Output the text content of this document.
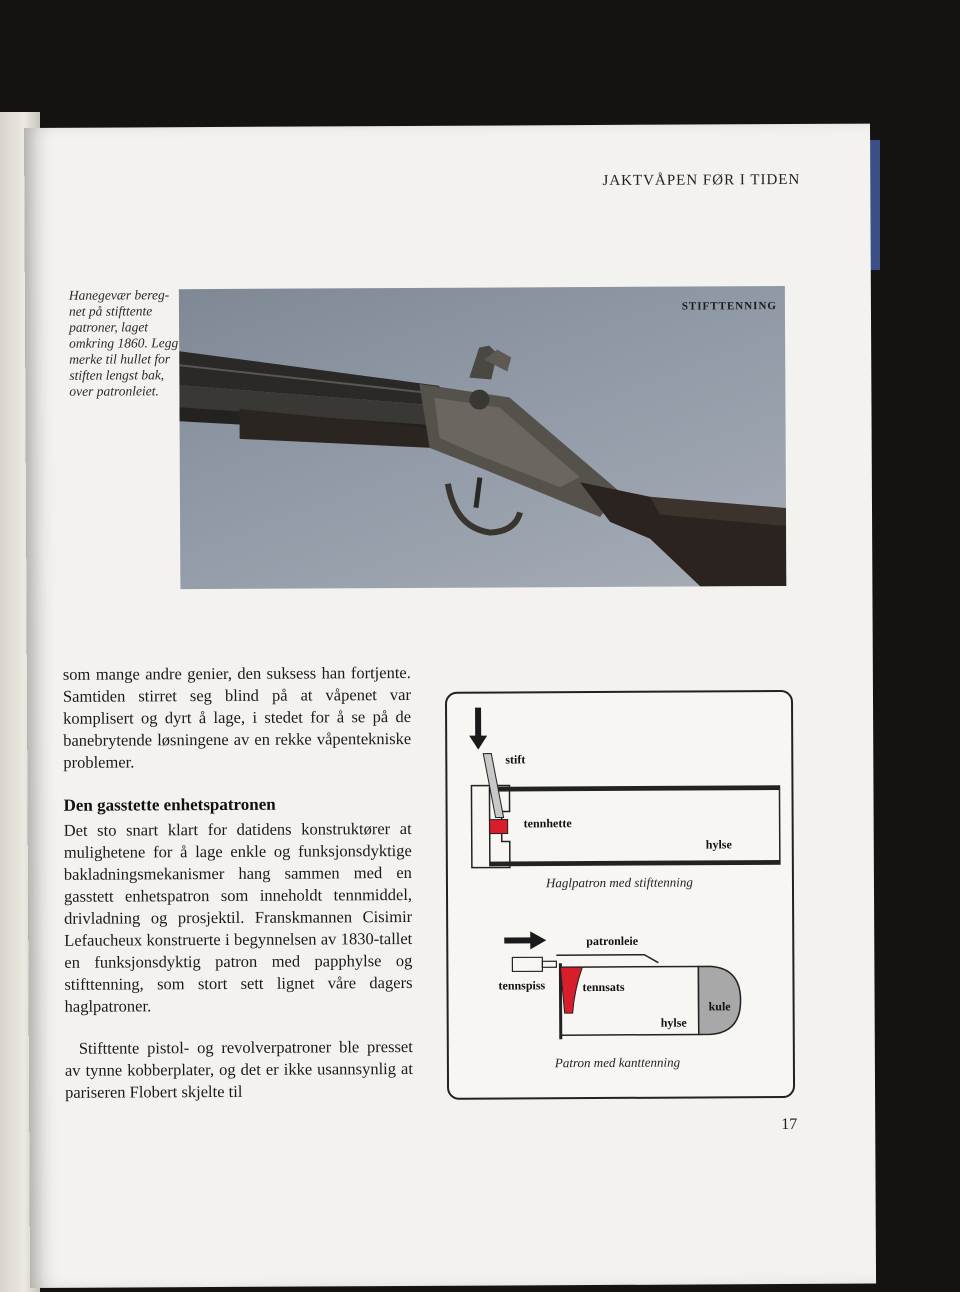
JAKTVÅPEN FØR I TIDEN

Hanegevær bereg-net på stifttente patroner, laget omkring 1860. Legg merke til hullet for stiften lengst bak, over patronleiet.

STIFTTENNING

som mange andre genier, den suksess han fortjente. Samtiden stirret seg blind på at våpenet var komplisert og dyrt å lage, i stedet for å se på de banebrytende løsningene av en rekke våpentekniske problemer.

Den gasstette enhetspatronen

Det sto snart klart for datidens konstruktører at mulighetene for å lage enkle og funksjonsdyktige bakladningsmekanismer hang sammen med en gasstett enhetspatron som inneholdt tennmiddel, drivladning og prosjektil. Franskmannen Cisimir Lefaucheux konstruerte i begynnelsen av 1830-tallet en funksjonsdyktig patron med papphylse og stifttenning, som stort sett lignet våre dagers haglpatroner.

Stifttente pistol- og revolverpatroner ble presset av tynne kobberplater, og det er ikke usannsynlig at pariseren Flobert skjelte til

stift
tennhette
hylse
Haglpatron med stifttenning
patronleie
tennspiss	tennsats
hylse
kule
Patron med kanttenning
17
